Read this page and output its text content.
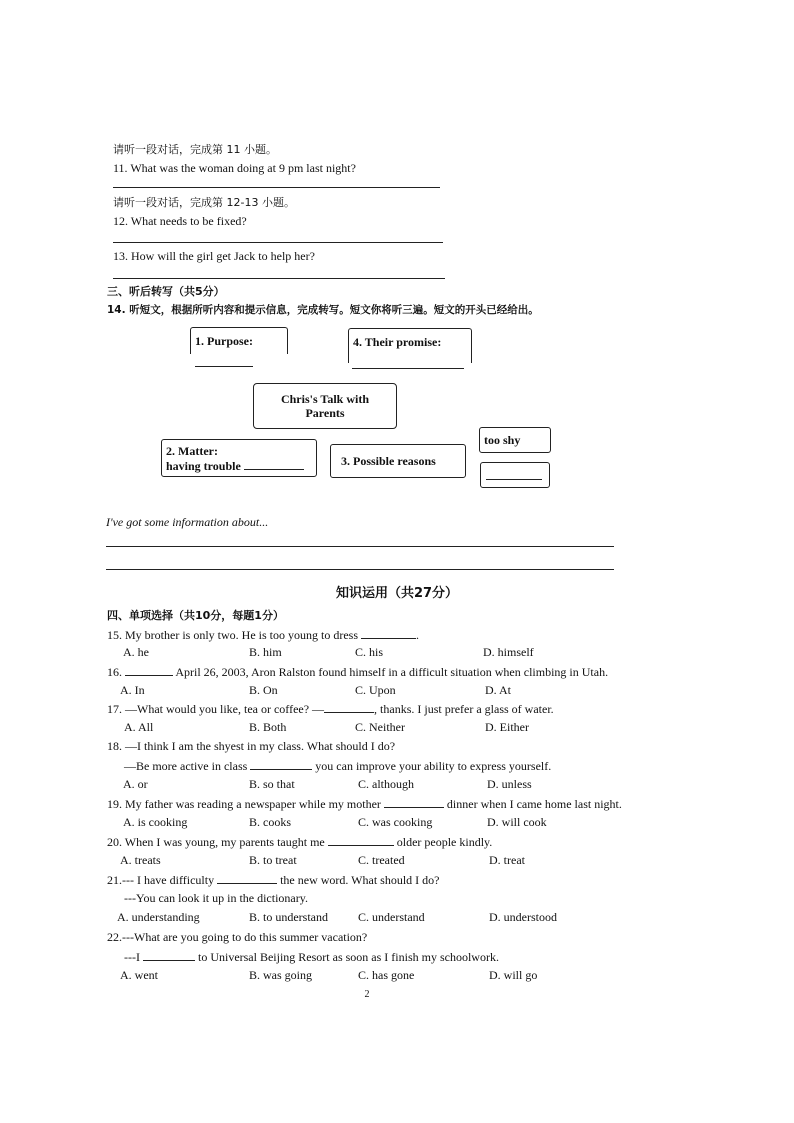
请听一段对话，完成第 11 小题。
11. What was the woman doing at 9 pm last night?
请听一段对话，完成第 12-13 小题。
12. What needs to be fixed?
13. How will the girl get Jack to help her?
三、听后转写（共5分）
14. 听短文，根据所听内容和提示信息，完成转写。短文你将听三遍。短文的开头已经给出。
1. Purpose:	4. Their promise:
Chris's Talk with
Parents
2. Matter:
having trouble	3. Possible reasons
too shy
I've got some information about...
知识运用（共27分）
四、单项选择（共10分，每题1分）
15. My brother is only two. He is too young to dress	.
A. he	B. him	C. his	D. himself
16.	April 26, 2003, Aron Ralston found himself in a difficult situation when climbing in Utah.
A. In	B. On	C. Upon	D. At
17. —What would you like, tea or coffee? —	, thanks. I just prefer a glass of water.
A. All	B. Both	C. Neither	D. Either
18. —I think I am the shyest in my class. What should I do?
—Be more active in class	you can improve your ability to express yourself.
A. or	B. so that	C. although	D. unless
19. My father was reading a newspaper while my mother	dinner when I came home last night.
A. is cooking	B. cooks	C. was cooking	D. will cook
20. When I was young, my parents taught me	older people kindly.
A. treats	B. to treat	C. treated	D. treat
21.--- I have difficulty	the new word. What should I do?
---You can look it up in the dictionary.
A. understanding	B. to understand	C. understand	D. understood
22.---What are you going to do this summer vacation?
---I	to Universal Beijing Resort as soon as I finish my schoolwork.
A. went	B. was going	C. has gone	D. will go
2
